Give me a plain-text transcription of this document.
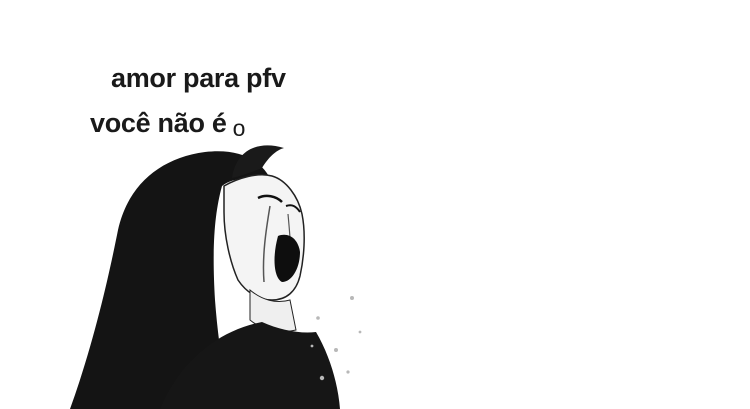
amor para pfv
você não é o
